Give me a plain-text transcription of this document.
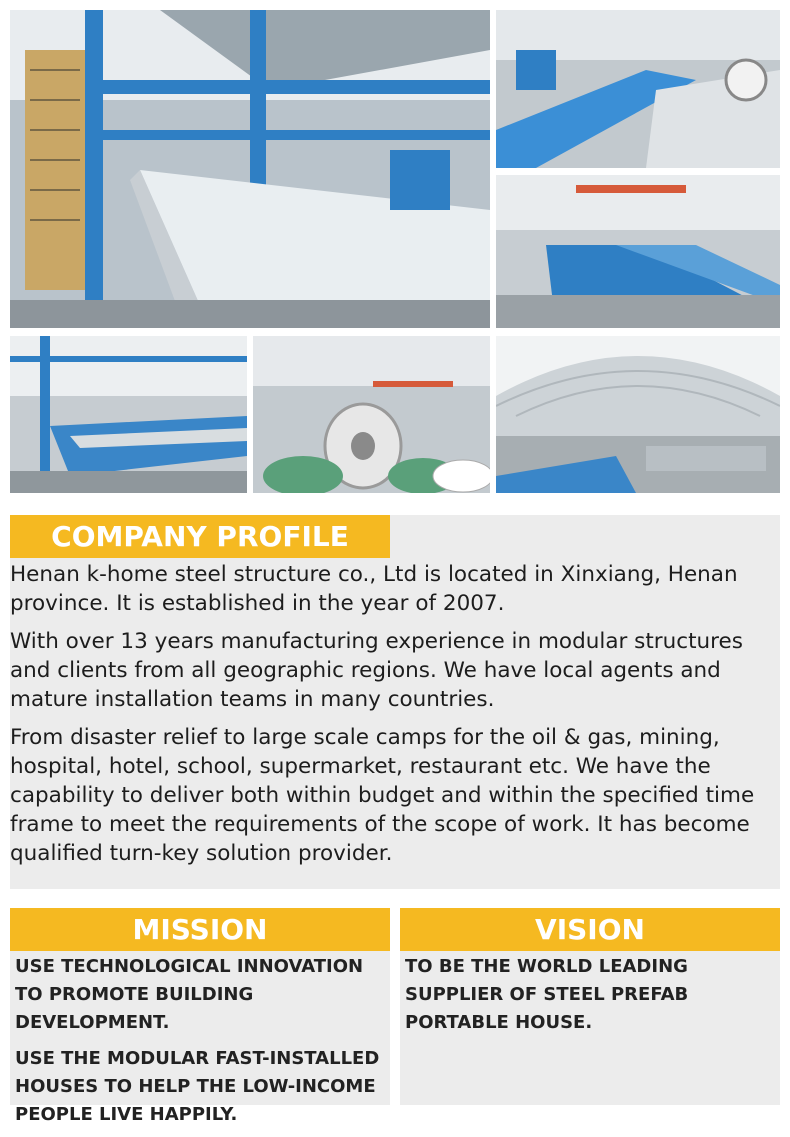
COMPANY PROFILE

Henan k-home steel structure co., Ltd is located in Xinxiang, Henan province. It is established in the year of 2007.

With over 13 years manufacturing experience in modular structures and clients from all geographic regions. We have local agents and mature installation teams in many countries.

From disaster relief to large scale camps for the oil & gas, mining, hospital, hotel, school, supermarket, restaurant etc. We have the capability to deliver both within budget and within the specified time frame to meet the requirements of the scope of work. It has become qualified turn-key solution provider.

MISSION

USE TECHNOLOGICAL INNOVATION TO PROMOTE BUILDING DEVELOPMENT.

USE THE MODULAR FAST-INSTALLED HOUSES TO HELP THE LOW-INCOME PEOPLE LIVE HAPPILY.

VISION

TO BE THE WORLD LEADING SUPPLIER OF STEEL PREFAB PORTABLE HOUSE.
